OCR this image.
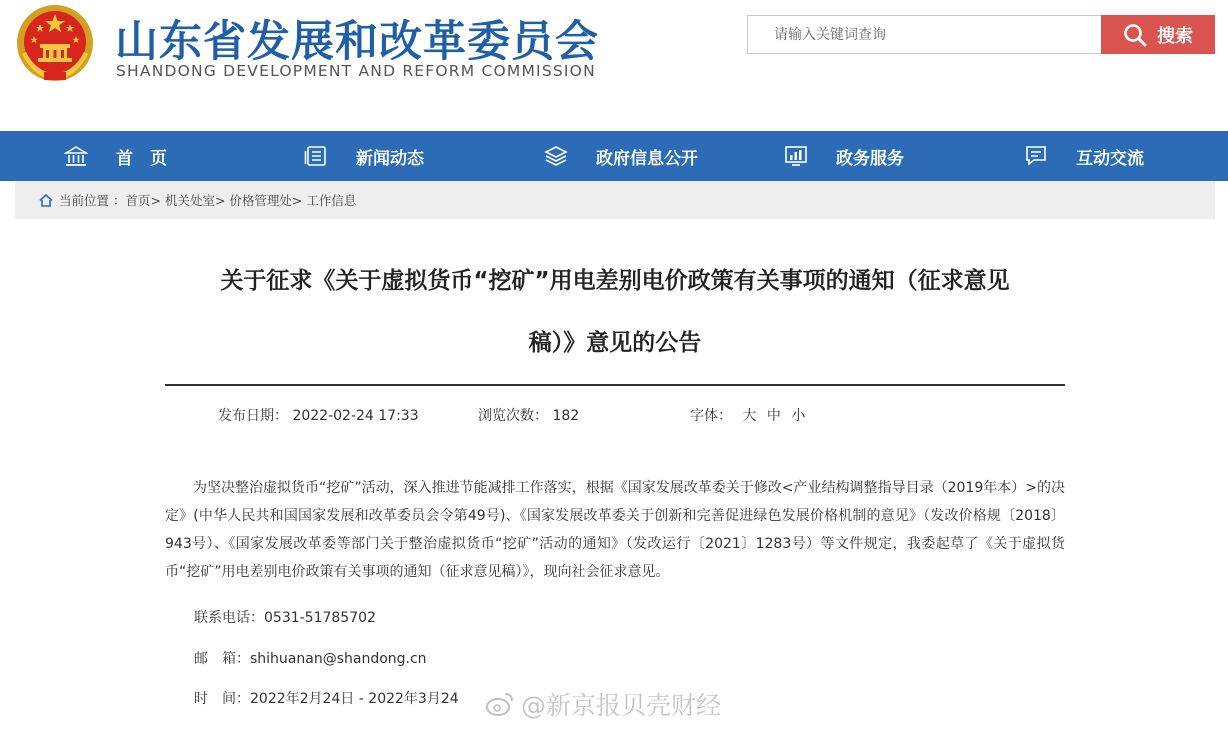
山东省发展和改革委员会
SHANDONG DEVELOPMENT AND REFORM COMMISSION
请输入关键词查询
搜索
首　页	新闻动态	政府信息公开	政务服务	互动交流
当前位置 ： 首页>
机关处室>
价格管理处>
工作信息
关于征求《关于虚拟货币“挖矿”用电差别电价政策有关事项的通知（征求意见
稿）》意见的公告
发布日期： 2022-02-24 17:33	浏览次数： 182	字体： 大 中 小
为坚决整治虚拟货币“挖矿”活动，深入推进节能减排工作落实，根据《国家发展改革委关于修改<产业结构调整指导目录（2019年本）>的决定》(中华人民共和国国家发展和改革委员会令第49号)、《国家发展改革委关于创新和完善促进绿色发展价格机制的意见》（发改价格规〔2018〕943号）、《国家发展改革委等部门关于整治虚拟货币“挖矿”活动的通知》（发改运行〔2021〕1283号）等文件规定，我委起草了《关于虚拟货币“挖矿”用电差别电价政策有关事项的通知（征求意见稿）》，现向社会征求意见。
联系电话：0531-51785702
邮　箱：shihuanan@shandong.cn
时　间：2022年2月24日 - 2022年3月24 @新京报贝壳财经
